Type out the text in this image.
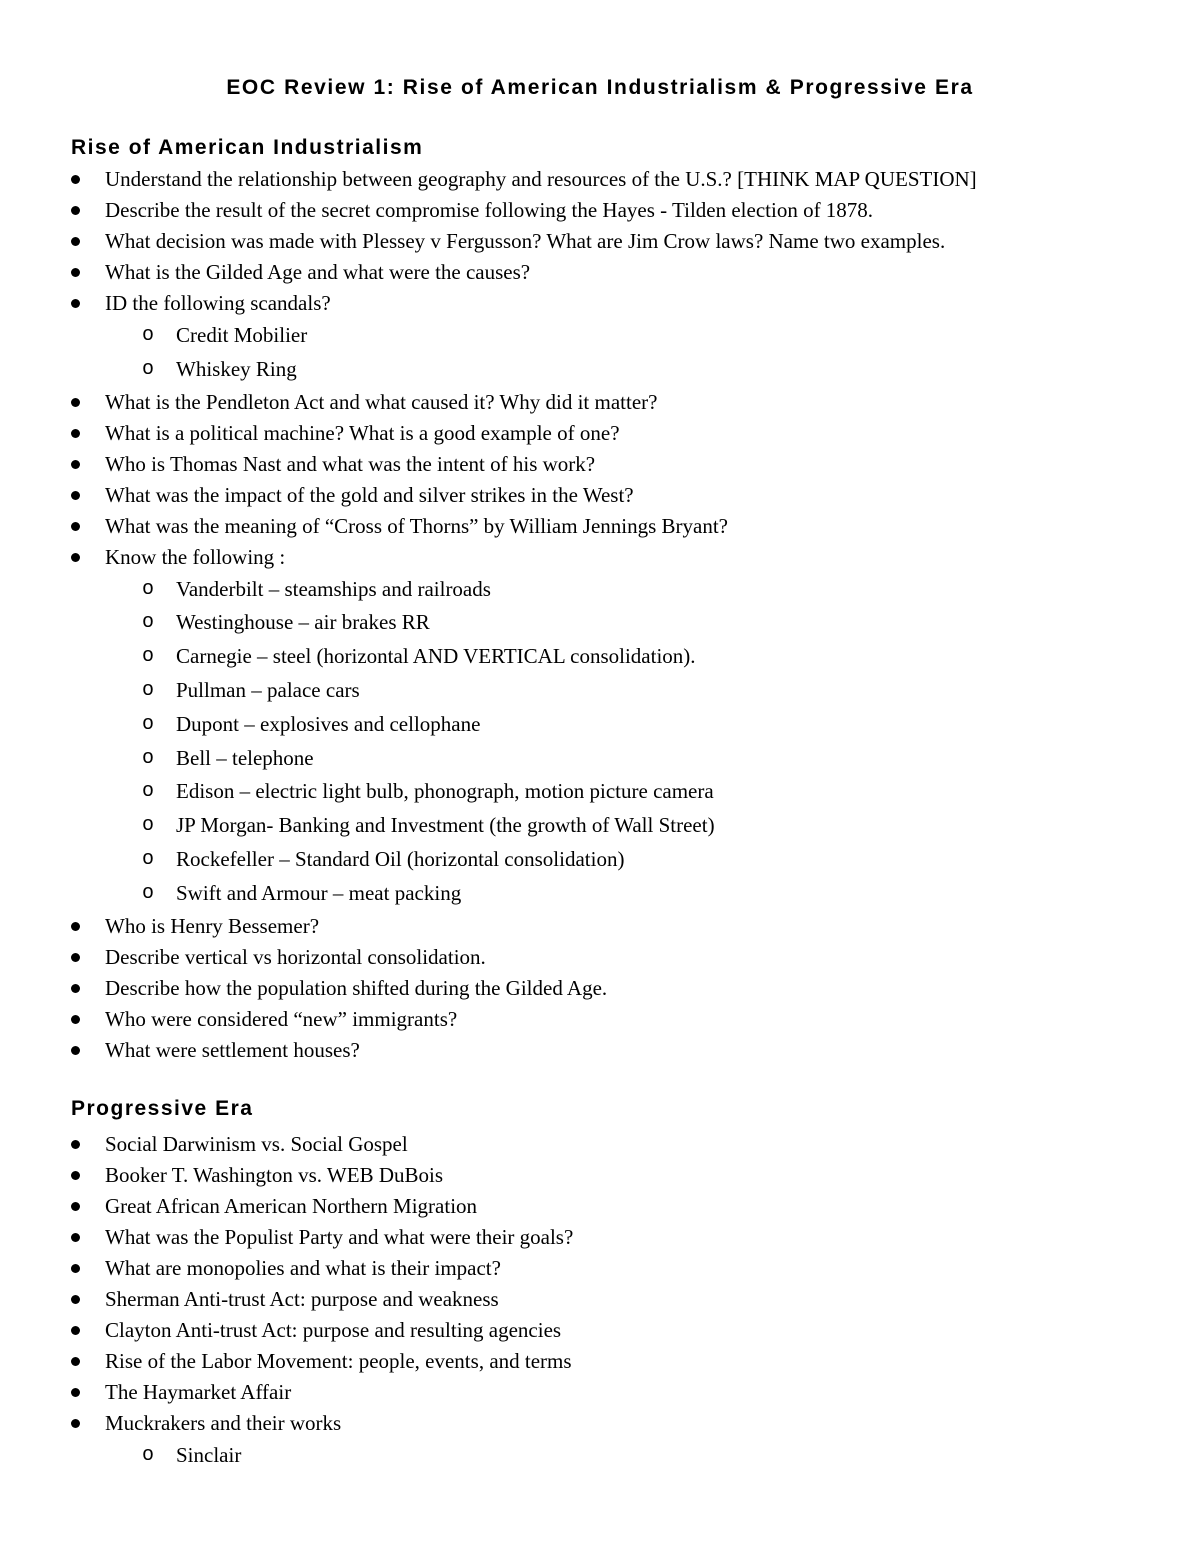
EOC Review 1: Rise of American Industrialism & Progressive Era
Rise of American Industrialism
Understand the relationship between geography and resources of the U.S.? [THINK MAP QUESTION]
Describe the result of the secret compromise following the Hayes - Tilden election of 1878.
What decision was made with Plessey v Fergusson? What are Jim Crow laws? Name two examples.
What is the Gilded Age and what were the causes?
ID the following scandals?
o Credit Mobilier
o Whiskey Ring
What is the Pendleton Act and what caused it? Why did it matter?
What is a political machine? What is a good example of one?
Who is Thomas Nast and what was the intent of his work?
What was the impact of the gold and silver strikes in the West?
What was the meaning of “Cross of Thorns” by William Jennings Bryant?
Know the following :
o Vanderbilt – steamships and railroads
o Westinghouse – air brakes RR
o Carnegie – steel (horizontal AND VERTICAL consolidation).
o Pullman – palace cars
o Dupont – explosives and cellophane
o Bell – telephone
o Edison – electric light bulb, phonograph, motion picture camera
o JP Morgan- Banking and Investment (the growth of Wall Street)
o Rockefeller – Standard Oil (horizontal consolidation)
o Swift and Armour – meat packing
Who is Henry Bessemer?
Describe vertical vs horizontal consolidation.
Describe how the population shifted during the Gilded Age.
Who were considered “new” immigrants?
What were settlement houses?
Progressive Era
Social Darwinism vs. Social Gospel
Booker T. Washington vs. WEB DuBois
Great African American Northern Migration
What was the Populist Party and what were their goals?
What are monopolies and what is their impact?
Sherman Anti-trust Act: purpose and weakness
Clayton Anti-trust Act: purpose and resulting agencies
Rise of the Labor Movement: people, events, and terms
The Haymarket Affair
Muckrakers and their works
o Sinclair
